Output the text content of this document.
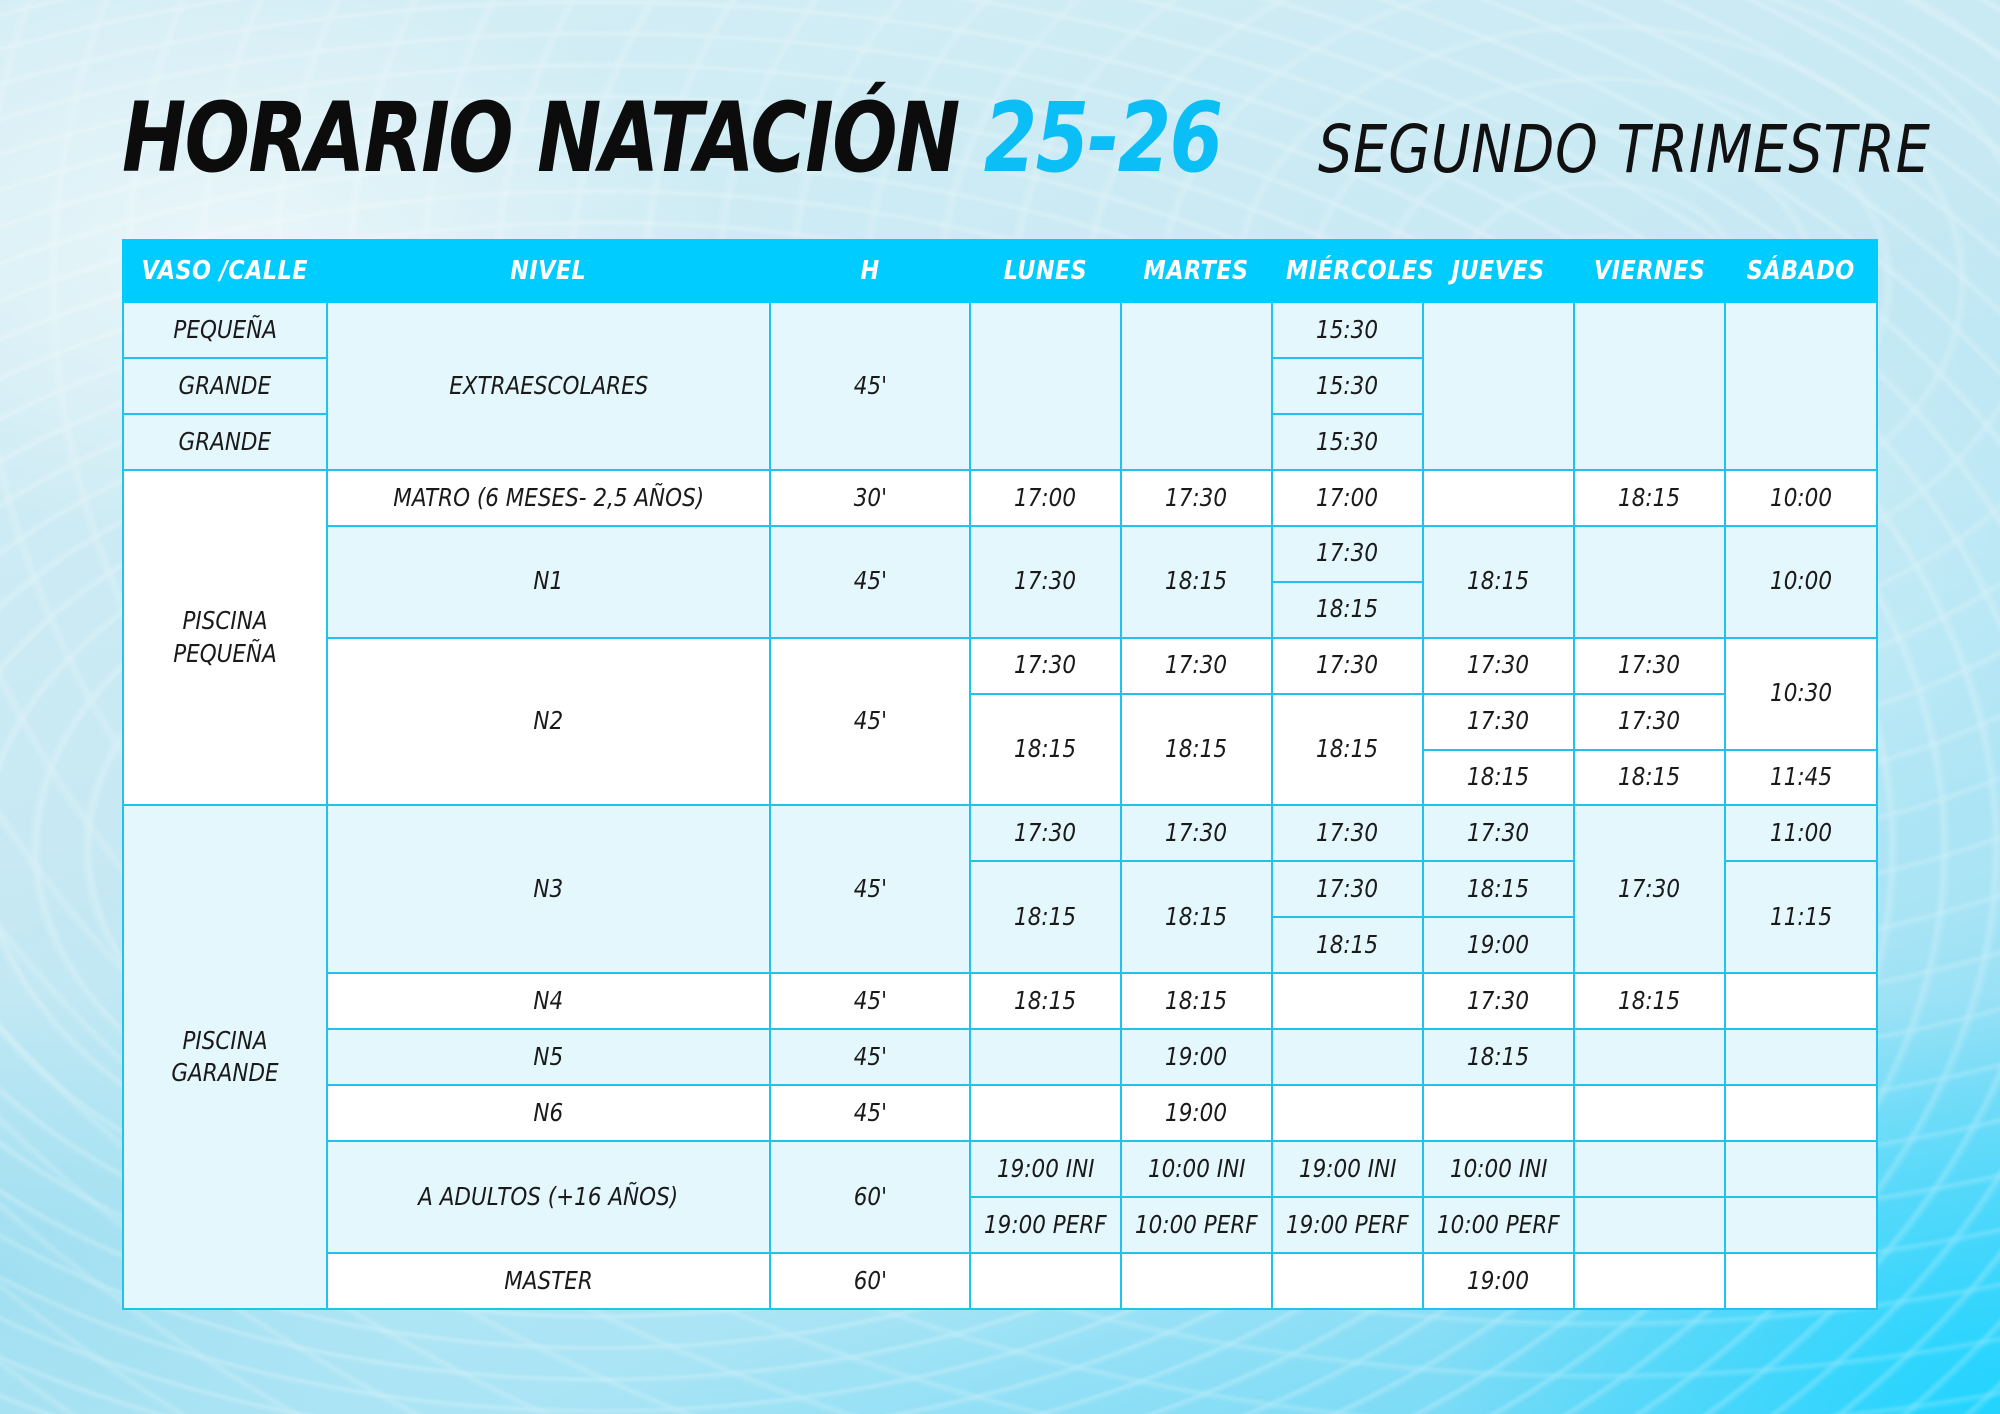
HORARIO NATACIÓN 25-26 SEGUNDO TRIMESTRE
VASO /CALLE	NIVEL	H	LUNES	MARTES	MIÉRCOLES	JUEVES	VIERNES	SÁBADO
PEQUEÑA	EXTRAESCOLARES	45'			15:30			
GRANDE					15:30			
GRANDE					15:30			
PISCINA PEQUEÑA	MATRO (6 MESES- 2,5 AÑOS)	30'	17:00	17:30	17:00		18:15	10:00
	N1	45'	17:30	18:15	17:30	18:15		10:00
					18:15			
	N2	45'	17:30	17:30	17:30	17:30	17:30	10:30
			18:15	18:15	18:15	17:30	17:30	
						18:15	18:15	11:45
PISCINA GARANDE	N3	45'	17:30	17:30	17:30	17:30	17:30	11:00
			18:15	18:15	17:30	18:15		11:15
					18:15	19:00		
	N4	45'	18:15	18:15		17:30	18:15	
	N5	45'		19:00		18:15		
	N6	45'		19:00				
	A ADULTOS (+16 AÑOS)	60'	19:00 INI	10:00 INI	19:00 INI	10:00 INI		
			19:00 PERF	10:00 PERF	19:00 PERF	10:00 PERF		
	MASTER	60'				19:00		
